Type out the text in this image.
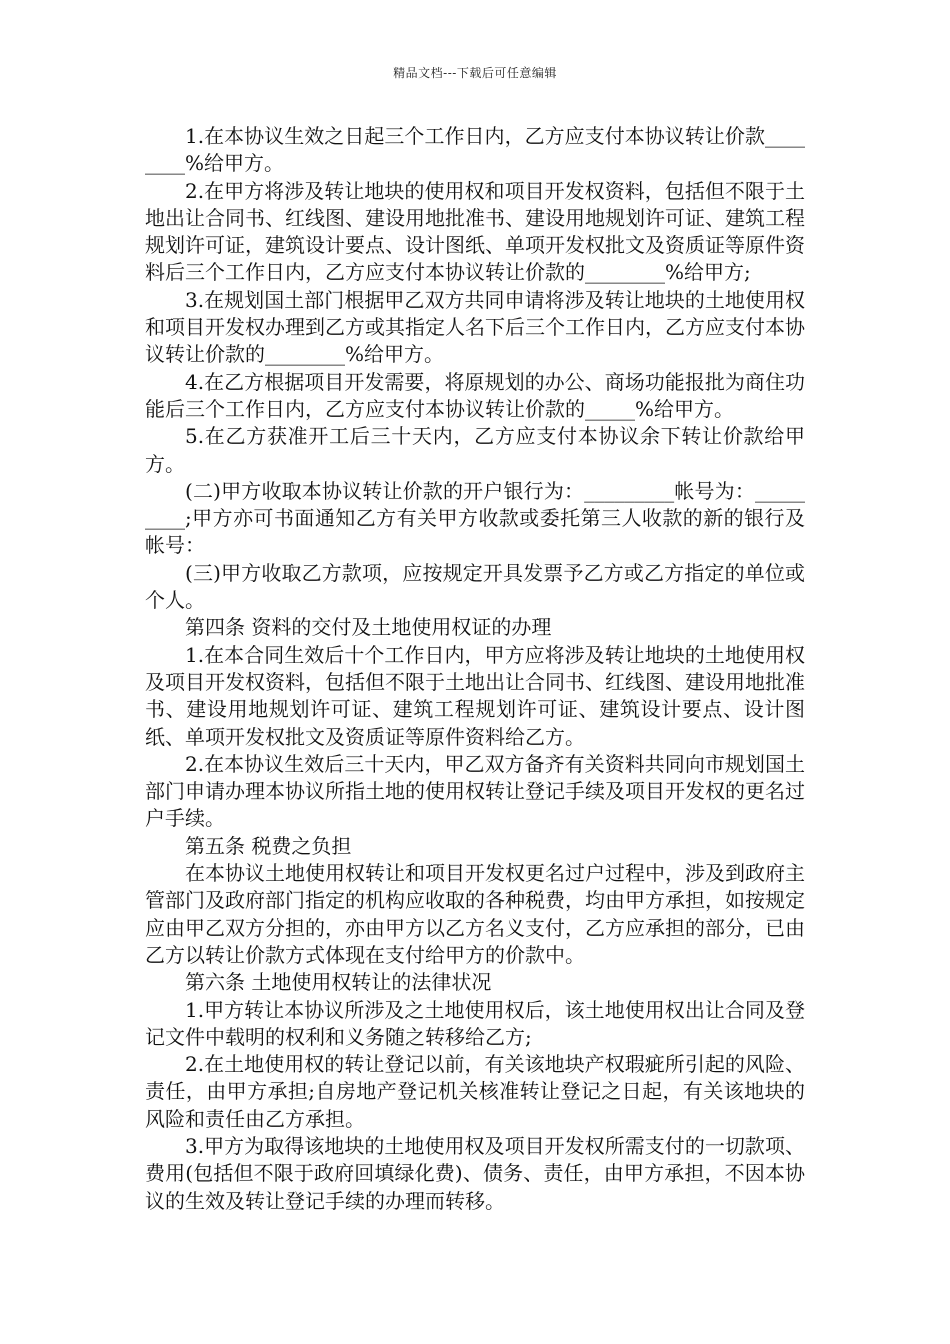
精品文档---下载后可任意编辑

1.在本协议生效之日起三个工作日内，乙方应支付本协议转让价款________%给甲方。

2.在甲方将涉及转让地块的使用权和项目开发权资料，包括但不限于土地出让合同书、红线图、建设用地批准书、建设用地规划许可证、建筑工程规划许可证，建筑设计要点、设计图纸、单项开发权批文及资质证等原件资料后三个工作日内，乙方应支付本协议转让价款的________%给甲方;

3.在规划国土部门根据甲乙双方共同申请将涉及转让地块的土地使用权和项目开发权办理到乙方或其指定人名下后三个工作日内，乙方应支付本协议转让价款的________%给甲方。

4.在乙方根据项目开发需要，将原规划的办公、商场功能报批为商住功能后三个工作日内，乙方应支付本协议转让价款的_____%给甲方。

5.在乙方获准开工后三十天内，乙方应支付本协议余下转让价款给甲方。

(二)甲方收取本协议转让价款的开户银行为：_________帐号为：_________;甲方亦可书面通知乙方有关甲方收款或委托第三人收款的新的银行及帐号：

(三)甲方收取乙方款项，应按规定开具发票予乙方或乙方指定的单位或个人。

第四条 资料的交付及土地使用权证的办理

1.在本合同生效后十个工作日内，甲方应将涉及转让地块的土地使用权及项目开发权资料，包括但不限于土地出让合同书、红线图、建设用地批准书、建设用地规划许可证、建筑工程规划许可证、建筑设计要点、设计图纸、单项开发权批文及资质证等原件资料给乙方。

2.在本协议生效后三十天内，甲乙双方备齐有关资料共同向市规划国土部门申请办理本协议所指土地的使用权转让登记手续及项目开发权的更名过户手续。

第五条 税费之负担

在本协议土地使用权转让和项目开发权更名过户过程中，涉及到政府主管部门及政府部门指定的机构应收取的各种税费，均由甲方承担，如按规定应由甲乙双方分担的，亦由甲方以乙方名义支付，乙方应承担的部分，已由乙方以转让价款方式体现在支付给甲方的价款中。

第六条 土地使用权转让的法律状况

1.甲方转让本协议所涉及之土地使用权后，该土地使用权出让合同及登记文件中载明的权利和义务随之转移给乙方;

2.在土地使用权的转让登记以前，有关该地块产权瑕疵所引起的风险、责任，由甲方承担;自房地产登记机关核准转让登记之日起，有关该地块的风险和责任由乙方承担。

3.甲方为取得该地块的土地使用权及项目开发权所需支付的一切款项、费用(包括但不限于政府回填绿化费)、债务、责任，由甲方承担，不因本协议的生效及转让登记手续的办理而转移。
